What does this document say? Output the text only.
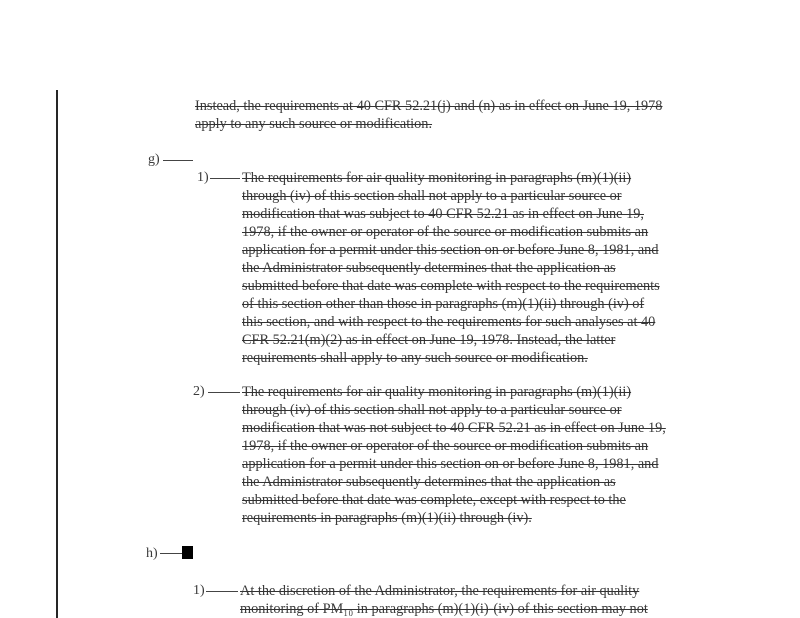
Instead, the requirements at 40 CFR 52.21(j) and (n) as in effect on June 19, 1978

apply to any such source or modification.

g)
1) The requirements for air quality monitoring in paragraphs (m)(1)(ii)

through (iv) of this section shall not apply to a particular source or

modification that was subject to 40 CFR 52.21 as in effect on June 19,

1978, if the owner or operator of the source or modification submits an

application for a permit under this section on or before June 8, 1981, and

the Administrator subsequently determines that the application as

submitted before that date was complete with respect to the requirements

of this section other than those in paragraphs (m)(1)(ii) through (iv) of

this section, and with respect to the requirements for such analyses at 40

CFR 52.21(m)(2) as in effect on June 19, 1978. Instead, the latter

requirements shall apply to any such source or modification.

2)	The requirements for air quality monitoring in paragraphs (m)(1)(ii)

through (iv) of this section shall not apply to a particular source or

modification that was not subject to 40 CFR 52.21 as in effect on June 19,

1978, if the owner or operator of the source or modification submits an

application for a permit under this section on or before June 8, 1981, and

the Administrator subsequently determines that the application as

submitted before that date was complete, except with respect to the

requirements in paragraphs (m)(1)(ii) through (iv).

h)
1) At the discretion of the Administrator, the requirements for air quality

monitoring of PM₁₀ in paragraphs (m)(1)(i)-(iv) of this section may not
